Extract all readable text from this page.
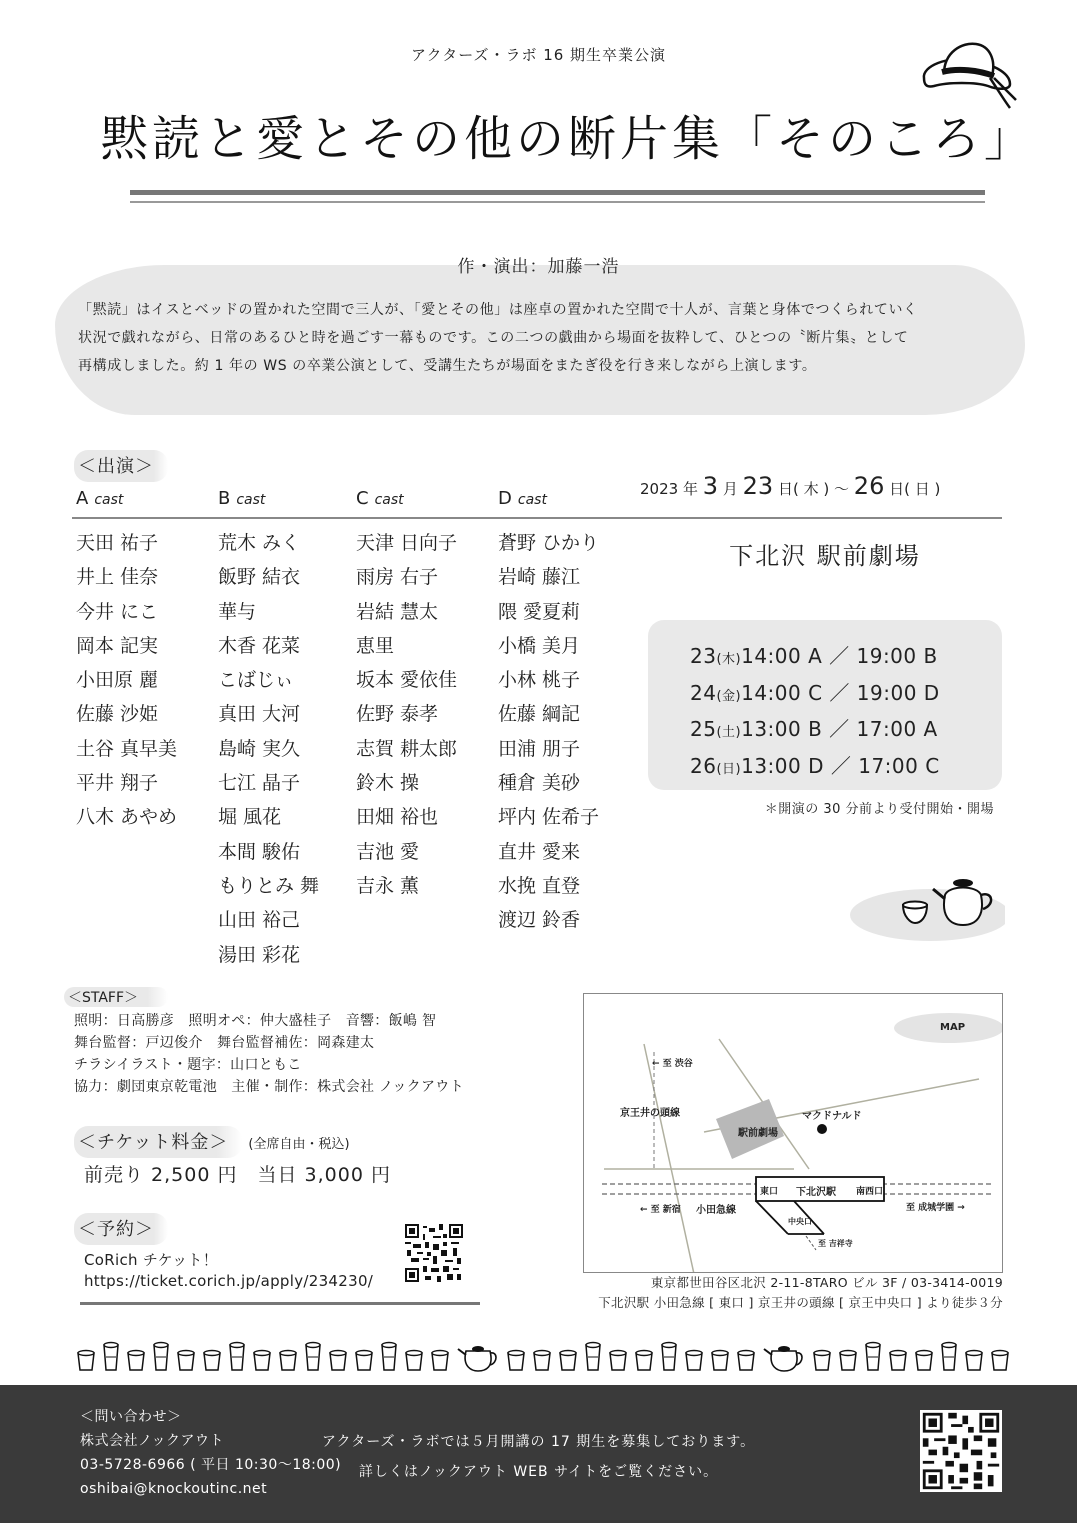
アクターズ・ラボ 16 期生卒業公演
黙読と愛とその他の断片集「そのころ」
作・演出：加藤一浩

「黙読」はイスとベッドの置かれた空間で三人が、「愛とその他」は座卓の置かれた空間で十人が、言葉と身体でつくられていく

状況で戯れながら、日常のあるひと時を過ごす一幕ものです。この二つの戯曲から場面を抜粋して、ひとつの〝断片集〟として

再構成しました。約 1 年の WS の卒業公演として、受講生たちが場面をまたぎ役を行き来しながら上演します。

＜出演＞
A cast
天田 祐子
井上 佳奈
今井 にこ
岡本 記実
小田原 麗
佐藤 沙姫
土谷 真早美
平井 翔子
八木 あやめ
B cast
荒木 みく
飯野 結衣
華与
木香 花菜
こばじぃ
真田 大河
島崎 実久
七江 晶子
堀 風花
本間 駿佑
もりとみ 舞
山田 裕己
湯田 彩花
C cast
天津 日向子
雨房 右子
岩結 慧太
恵里
坂本 愛依佳
佐野 泰孝
志賀 耕太郎
鈴木 操
田畑 裕也
吉池 愛
吉永 薫
D cast
蒼野 ひかり
岩崎 藤江
隈 愛夏莉
小橋 美月
小林 桃子
佐藤 綱記
田浦 朋子
種倉 美砂
坪内 佐希子
直井 愛来
水挽 直登
渡辺 鈴香
2023 年 3 月 23 日( 木 ) ～ 26 日( 日 )
下北沢 駅前劇場
23(木)14:00 A ／ 19:00 B
24(金)14:00 C ／ 19:00 D
25(土)13:00 B ／ 17:00 A
26(日)13:00 D ／ 17:00 C
＊開演の 30 分前より受付開始・開場
＜STAFF＞
照明：日高勝彦　照明オペ：仲大盛桂子　音響：飯嶋 智
舞台監督：戸辺俊介　舞台監督補佐：岡森建太
チラシイラスト・題字：山口ともこ
協力：劇団東京乾電池　主催・制作：株式会社 ノックアウト
＜チケット料金＞ (全席自由・税込)
前売り 2,500 円　当日 3,000 円
＜予約＞
CoRich チケット！
https://ticket.corich.jp/apply/234230/
MAP
← 至 渋谷
京王井の頭線	マクドナルド
駅前劇場
東口 下北沢駅 南西口
← 至 新宿 小田急線	至 成城学園 →
中央口
至 吉祥寺
東京都世田谷区北沢 2-11-8TARO ビル 3F / 03-3414-0019
下北沢駅 小田急線 [ 東口 ] 京王井の頭線 [ 京王中央口 ] より徒歩３分
＜問い合わせ＞
株式会社ノックアウト
03-5728-6966 ( 平日 10:30～18:00)
oshibai@knockoutinc.net
アクターズ・ラボでは５月開講の 17 期生を募集しております。
詳しくはノックアウト WEB サイトをご覧ください。
